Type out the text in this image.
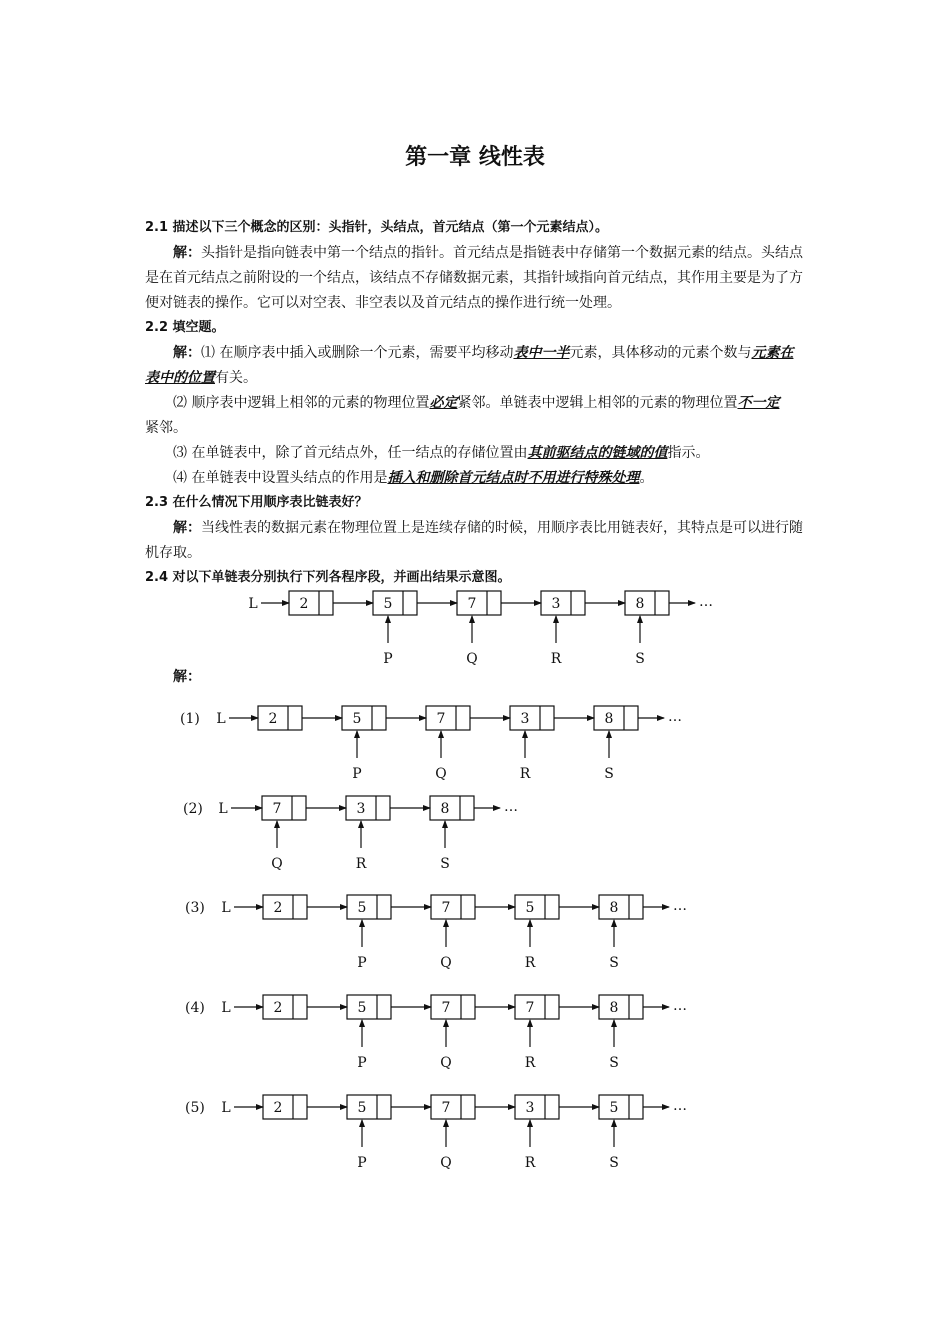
第一章 线性表
2.1 描述以下三个概念的区别：头指针，头结点，首元结点（第一个元素结点）。
解：头指针是指向链表中第一个结点的指针。首元结点是指链表中存储第一个数据元素的结点。头结点
是在首元结点之前附设的一个结点，该结点不存储数据元素，其指针域指向首元结点，其作用主要是为了方
便对链表的操作。它可以对空表、非空表以及首元结点的操作进行统一处理。
2.2 填空题。
解：⑴ 在顺序表中插入或删除一个元素，需要平均移动表中一半元素，具体移动的元素个数与元素在
表中的位置有关。
⑵ 顺序表中逻辑上相邻的元素的物理位置必定紧邻。单链表中逻辑上相邻的元素的物理位置不一定
紧邻。
⑶ 在单链表中，除了首元结点外，任一结点的存储位置由其前驱结点的链域的值指示。
⑷ 在单链表中设置头结点的作用是插入和删除首元结点时不用进行特殊处理。
2.3 在什么情况下用顺序表比链表好？
解：当线性表的数据元素在物理位置上是连续存储的时候，用顺序表比用链表好，其特点是可以进行随
机存取。
2.4 对以下单链表分别执行下列各程序段，并画出结果示意图。
解：
L	2	5	7	3	8	…
P	Q	R	S
(1) L	2	5	7	3	8	…
P	Q	R	S
(2) L	7	3	8	…
Q	R	S
(3) L	2	5	7	5	8	…
P	Q	R	S
(4) L	2	5	7	7	8	…
P	Q	R	S
(5) L	2	5	7	3	5	…
P	Q	R	S
